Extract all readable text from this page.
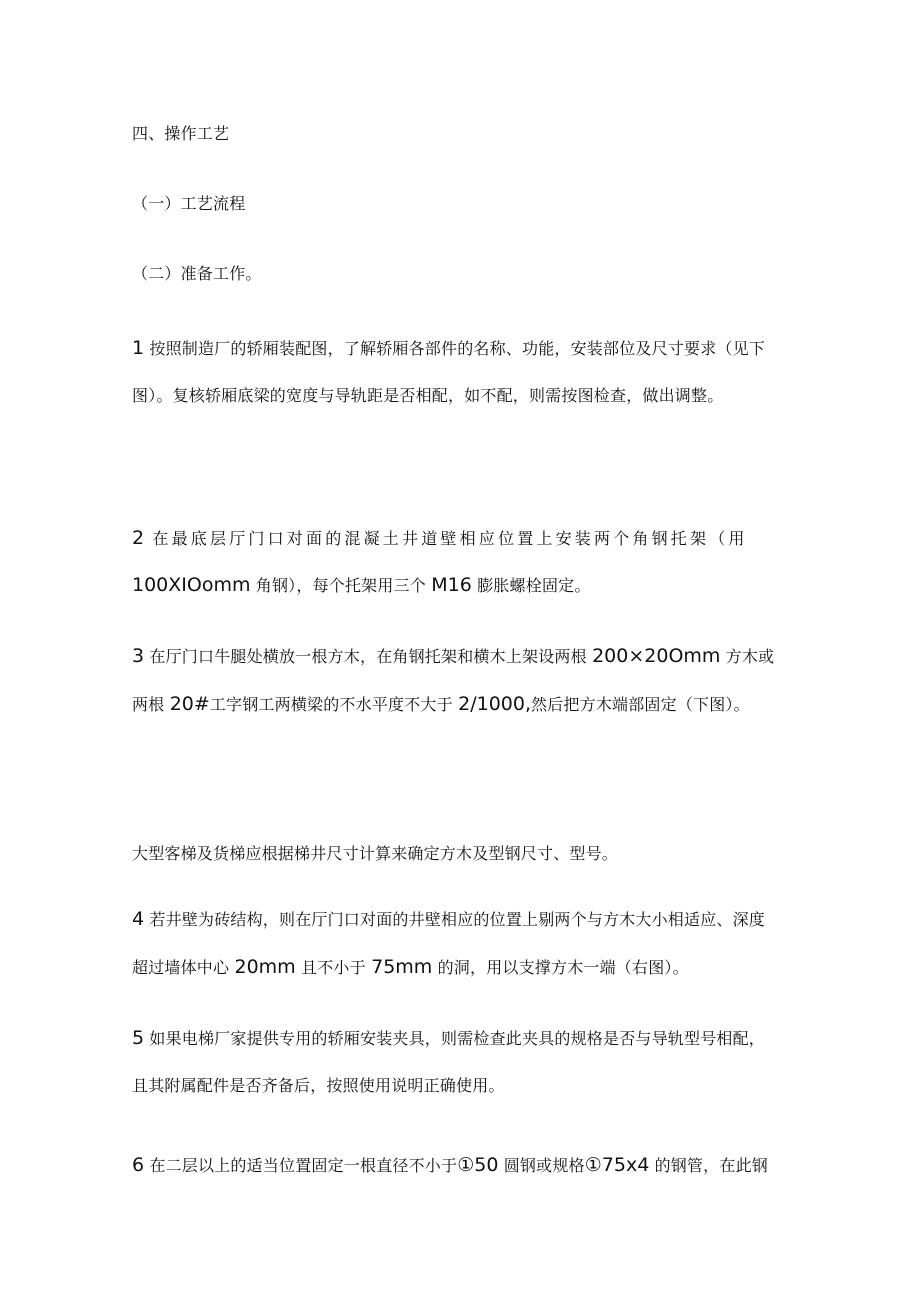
四、操作工艺
（一）工艺流程
（二）准备工作。
1 按照制造厂的轿厢装配图，了解轿厢各部件的名称、功能，安装部位及尺寸要求（见下
图）。复核轿厢底梁的宽度与导轨距是否相配，如不配，则需按图检查，做出调整。
2 在最底层厅门口对面的混凝土井道壁相应位置上安装两个角钢托架（用
100XIOomm 角钢），每个托架用三个 M16 膨胀螺栓固定。
3 在厅门口牛腿处横放一根方木，在角钢托架和横木上架设两根 200×20Omm 方木或
两根 20#工字钢工两横梁的不水平度不大于 2/1000,然后把方木端部固定（下图）。
大型客梯及货梯应根据梯井尺寸计算来确定方木及型钢尺寸、型号。
4 若井壁为砖结构，则在厅门口对面的井壁相应的位置上剔两个与方木大小相适应、深度
超过墙体中心 20mm 且不小于 75mm 的洞，用以支撑方木一端（右图）。
5 如果电梯厂家提供专用的轿厢安装夹具，则需检查此夹具的规格是否与导轨型号相配，
且其附属配件是否齐备后，按照使用说明正确使用。
6 在二层以上的适当位置固定一根直径不小于①50 圆钢或规格①75x4 的钢管，在此钢
